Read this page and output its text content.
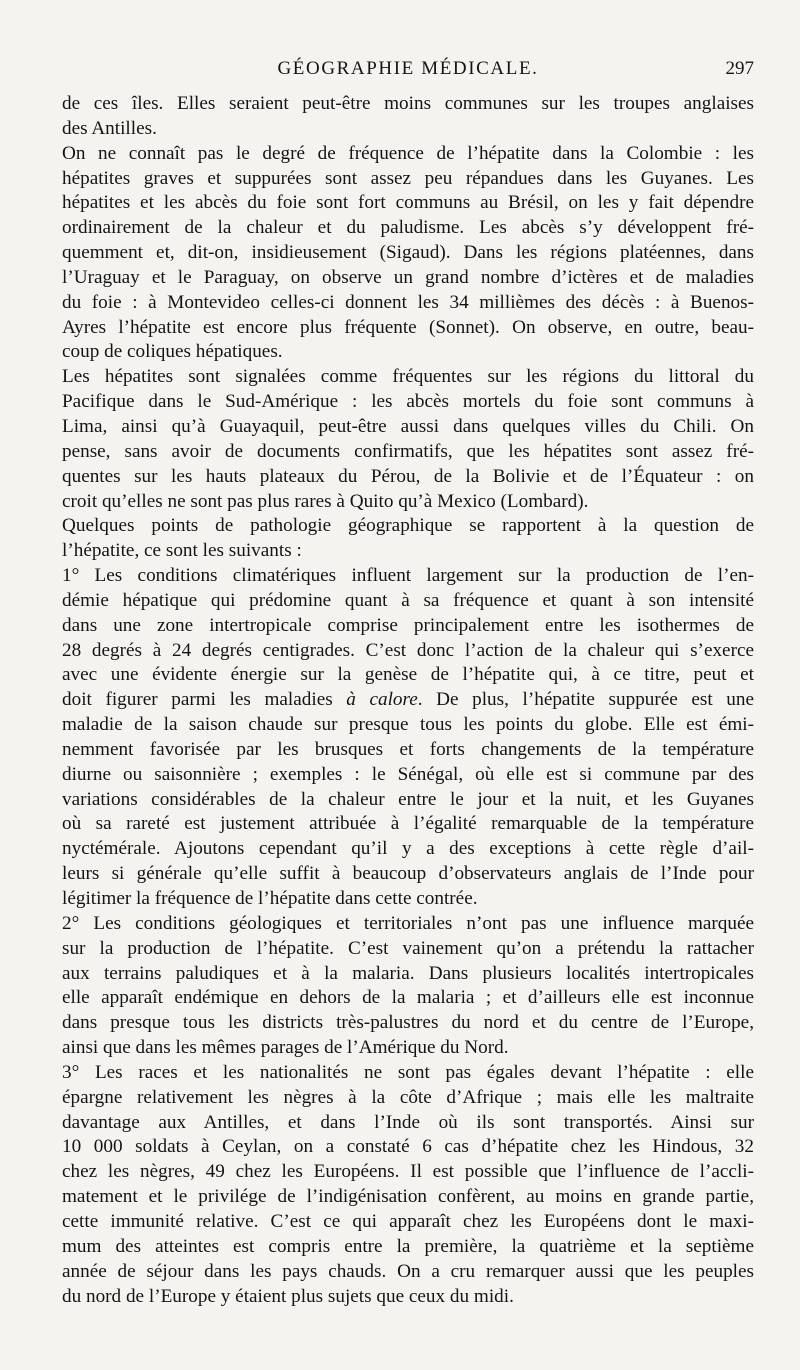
GÉOGRAPHIE MÉDICALE.	297
de ces îles. Elles seraient peut-être moins communes sur les troupes anglaises
des Antilles.
On ne connaît pas le degré de fréquence de l’hépatite dans la Colombie : les
hépatites graves et suppurées sont assez peu répandues dans les Guyanes. Les
hépatites et les abcès du foie sont fort communs au Brésil, on les y fait dépendre
ordinairement de la chaleur et du paludisme. Les abcès s’y développent fré-
quemment et, dit-on, insidieusement (Sigaud). Dans les régions platéennes, dans
l’Uraguay et le Paraguay, on observe un grand nombre d’ictères et de maladies
du foie : à Montevideo celles-ci donnent les 34 millièmes des décès : à Buenos-
Ayres l’hépatite est encore plus fréquente (Sonnet). On observe, en outre, beau-
coup de coliques hépatiques.
Les hépatites sont signalées comme fréquentes sur les régions du littoral du
Pacifique dans le Sud-Amérique : les abcès mortels du foie sont communs à
Lima, ainsi qu’à Guayaquil, peut-être aussi dans quelques villes du Chili. On
pense, sans avoir de documents confirmatifs, que les hépatites sont assez fré-
quentes sur les hauts plateaux du Pérou, de la Bolivie et de l’Équateur : on
croit qu’elles ne sont pas plus rares à Quito qu’à Mexico (Lombard).
Quelques points de pathologie géographique se rapportent à la question de
l’hépatite, ce sont les suivants :
1° Les conditions climatériques influent largement sur la production de l’en-
démie hépatique qui prédomine quant à sa fréquence et quant à son intensité
dans une zone intertropicale comprise principalement entre les isothermes de
28 degrés à 24 degrés centigrades. C’est donc l’action de la chaleur qui s’exerce
avec une évidente énergie sur la genèse de l’hépatite qui, à ce titre, peut et
doit figurer parmi les maladies à calore. De plus, l’hépatite suppurée est une
maladie de la saison chaude sur presque tous les points du globe. Elle est émi-
nemment favorisée par les brusques et forts changements de la température
diurne ou saisonnière ; exemples : le Sénégal, où elle est si commune par des
variations considérables de la chaleur entre le jour et la nuit, et les Guyanes
où sa rareté est justement attribuée à l’égalité remarquable de la température
nyctémérale. Ajoutons cependant qu’il y a des exceptions à cette règle d’ail-
leurs si générale qu’elle suffit à beaucoup d’observateurs anglais de l’Inde pour
légitimer la fréquence de l’hépatite dans cette contrée.
2° Les conditions géologiques et territoriales n’ont pas une influence marquée
sur la production de l’hépatite. C’est vainement qu’on a prétendu la rattacher
aux terrains paludiques et à la malaria. Dans plusieurs localités intertropicales
elle apparaît endémique en dehors de la malaria ; et d’ailleurs elle est inconnue
dans presque tous les districts très-palustres du nord et du centre de l’Europe,
ainsi que dans les mêmes parages de l’Amérique du Nord.
3° Les races et les nationalités ne sont pas égales devant l’hépatite : elle
épargne relativement les nègres à la côte d’Afrique ; mais elle les maltraite
davantage aux Antilles, et dans l’Inde où ils sont transportés. Ainsi sur
10 000 soldats à Ceylan, on a constaté 6 cas d’hépatite chez les Hindous, 32
chez les nègres, 49 chez les Européens. Il est possible que l’influence de l’accli-
matement et le privilége de l’indigénisation confèrent, au moins en grande partie,
cette immunité relative. C’est ce qui apparaît chez les Européens dont le maxi-
mum des atteintes est compris entre la première, la quatrième et la septième
année de séjour dans les pays chauds. On a cru remarquer aussi que les peuples
du nord de l’Europe y étaient plus sujets que ceux du midi.
